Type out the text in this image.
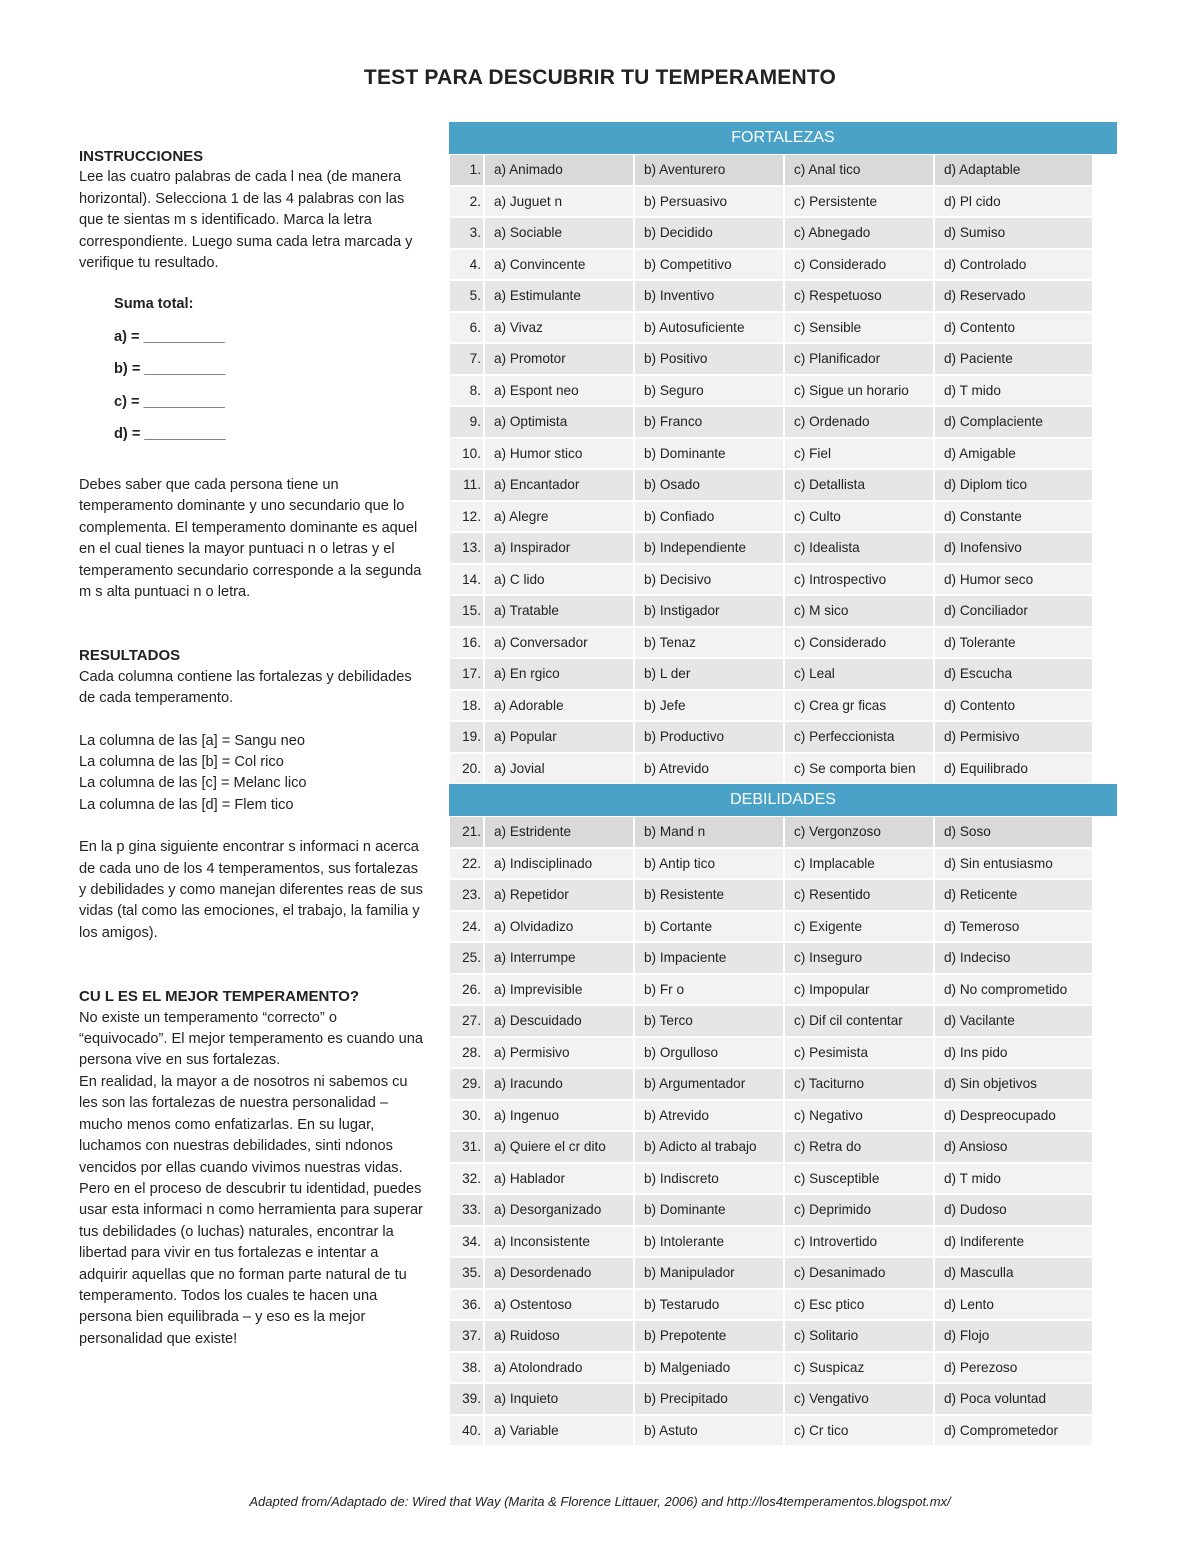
TEST PARA DESCUBRIR TU TEMPERAMENTO
INSTRUCCIONES

Lee las cuatro palabras de cada l nea (de manera horizontal). Selecciona 1 de las 4 palabras con las que te sientas m s identificado. Marca la letra correspondiente. Luego suma cada letra marcada y verifique tu resultado.

Suma total:
a) = __________
b) = __________
c) = __________
d) = __________

Debes saber que cada persona tiene un temperamento dominante y uno secundario que lo complementa. El temperamento dominante es aquel en el cual tienes la mayor puntuaci n o letras y el temperamento secundario corresponde a la segunda m s alta puntuaci n o letra.

RESULTADOS

Cada columna contiene las fortalezas y debilidades de cada temperamento.

La columna de las [a] = Sangu neo

La columna de las [b] = Col rico

La columna de las [c] = Melanc lico

La columna de las [d] = Flem tico

En la p gina siguiente encontrar s informaci n acerca de cada uno de los 4 temperamentos, sus fortalezas y debilidades y como manejan diferentes reas de sus vidas (tal como las emociones, el trabajo, la familia y los amigos).

CU L ES EL MEJOR TEMPERAMENTO?

No existe un temperamento “correcto” o “equivocado”. El mejor temperamento es cuando una persona vive en sus fortalezas.

En realidad, la mayor a de nosotros ni sabemos cu les son las fortalezas de nuestra personalidad – mucho menos como enfatizarlas. En su lugar, luchamos con nuestras debilidades, sinti ndonos vencidos por ellas cuando vivimos nuestras vidas.

Pero en el proceso de descubrir tu identidad, puedes usar esta informaci n como herramienta para superar tus debilidades (o luchas) naturales, encontrar la libertad para vivir en tus fortalezas e intentar a adquirir aquellas que no forman parte natural de tu temperamento. Todos los cuales te hacen una persona bien equilibrada – y eso es la mejor personalidad que existe!

FORTALEZAS
1. a) Animado	b) Aventurero	c) Anal tico	d) Adaptable
2. a) Juguet n	b) Persuasivo	c) Persistente	d) Pl cido
3. a) Sociable	b) Decidido	c) Abnegado	d) Sumiso
4. a) Convincente	b) Competitivo	c) Considerado	d) Controlado
5. a) Estimulante	b) Inventivo	c) Respetuoso	d) Reservado
6. a) Vivaz	b) Autosuficiente	c) Sensible	d) Contento
7. a) Promotor	b) Positivo	c) Planificador	d) Paciente
8. a) Espont neo	b) Seguro	c) Sigue un horario	d) T mido
9. a) Optimista	b) Franco	c) Ordenado	d) Complaciente
10. a) Humor stico	b) Dominante	c) Fiel	d) Amigable
11. a) Encantador	b) Osado	c) Detallista	d) Diplom tico
12. a) Alegre	b) Confiado	c) Culto	d) Constante
13. a) Inspirador	b) Independiente	c) Idealista	d) Inofensivo
14. a) C lido	b) Decisivo	c) Introspectivo	d) Humor seco
15. a) Tratable	b) Instigador	c) M sico	d) Conciliador
16. a) Conversador	b) Tenaz	c) Considerado	d) Tolerante
17. a) En rgico	b) L der	c) Leal	d) Escucha
18. a) Adorable	b) Jefe	c) Crea gr ficas	d) Contento
19. a) Popular	b) Productivo	c) Perfeccionista	d) Permisivo
20. a) Jovial	b) Atrevido	c) Se comporta bien	d) Equilibrado
DEBILIDADES
21. a) Estridente	b) Mand n	c) Vergonzoso	d) Soso
22. a) Indisciplinado	b) Antip tico	c) Implacable	d) Sin entusiasmo
23. a) Repetidor	b) Resistente	c) Resentido	d) Reticente
24. a) Olvidadizo	b) Cortante	c) Exigente	d) Temeroso
25. a) Interrumpe	b) Impaciente	c) Inseguro	d) Indeciso
26. a) Imprevisible	b) Fr o	c) Impopular	d) No comprometido
27. a) Descuidado	b) Terco	c) Dif cil contentar	d) Vacilante
28. a) Permisivo	b) Orgulloso	c) Pesimista	d) Ins pido
29. a) Iracundo	b) Argumentador	c) Taciturno	d) Sin objetivos
30. a) Ingenuo	b) Atrevido	c) Negativo	d) Despreocupado
31. a) Quiere el cr dito	b) Adicto al trabajo	c) Retra do	d) Ansioso
32. a) Hablador	b) Indiscreto	c) Susceptible	d) T mido
33. a) Desorganizado	b) Dominante	c) Deprimido	d) Dudoso
34. a) Inconsistente	b) Intolerante	c) Introvertido	d) Indiferente
35. a) Desordenado	b) Manipulador	c) Desanimado	d) Masculla
36. a) Ostentoso	b) Testarudo	c) Esc ptico	d) Lento
37. a) Ruidoso	b) Prepotente	c) Solitario	d) Flojo
38. a) Atolondrado	b) Malgeniado	c) Suspicaz	d) Perezoso
39. a) Inquieto	b) Precipitado	c) Vengativo	d) Poca voluntad
40. a) Variable	b) Astuto	c) Cr tico	d) Comprometedor
Adapted from/Adaptado de: Wired that Way (Marita & Florence Littauer, 2006) and http://los4temperamentos.blogspot.mx/
